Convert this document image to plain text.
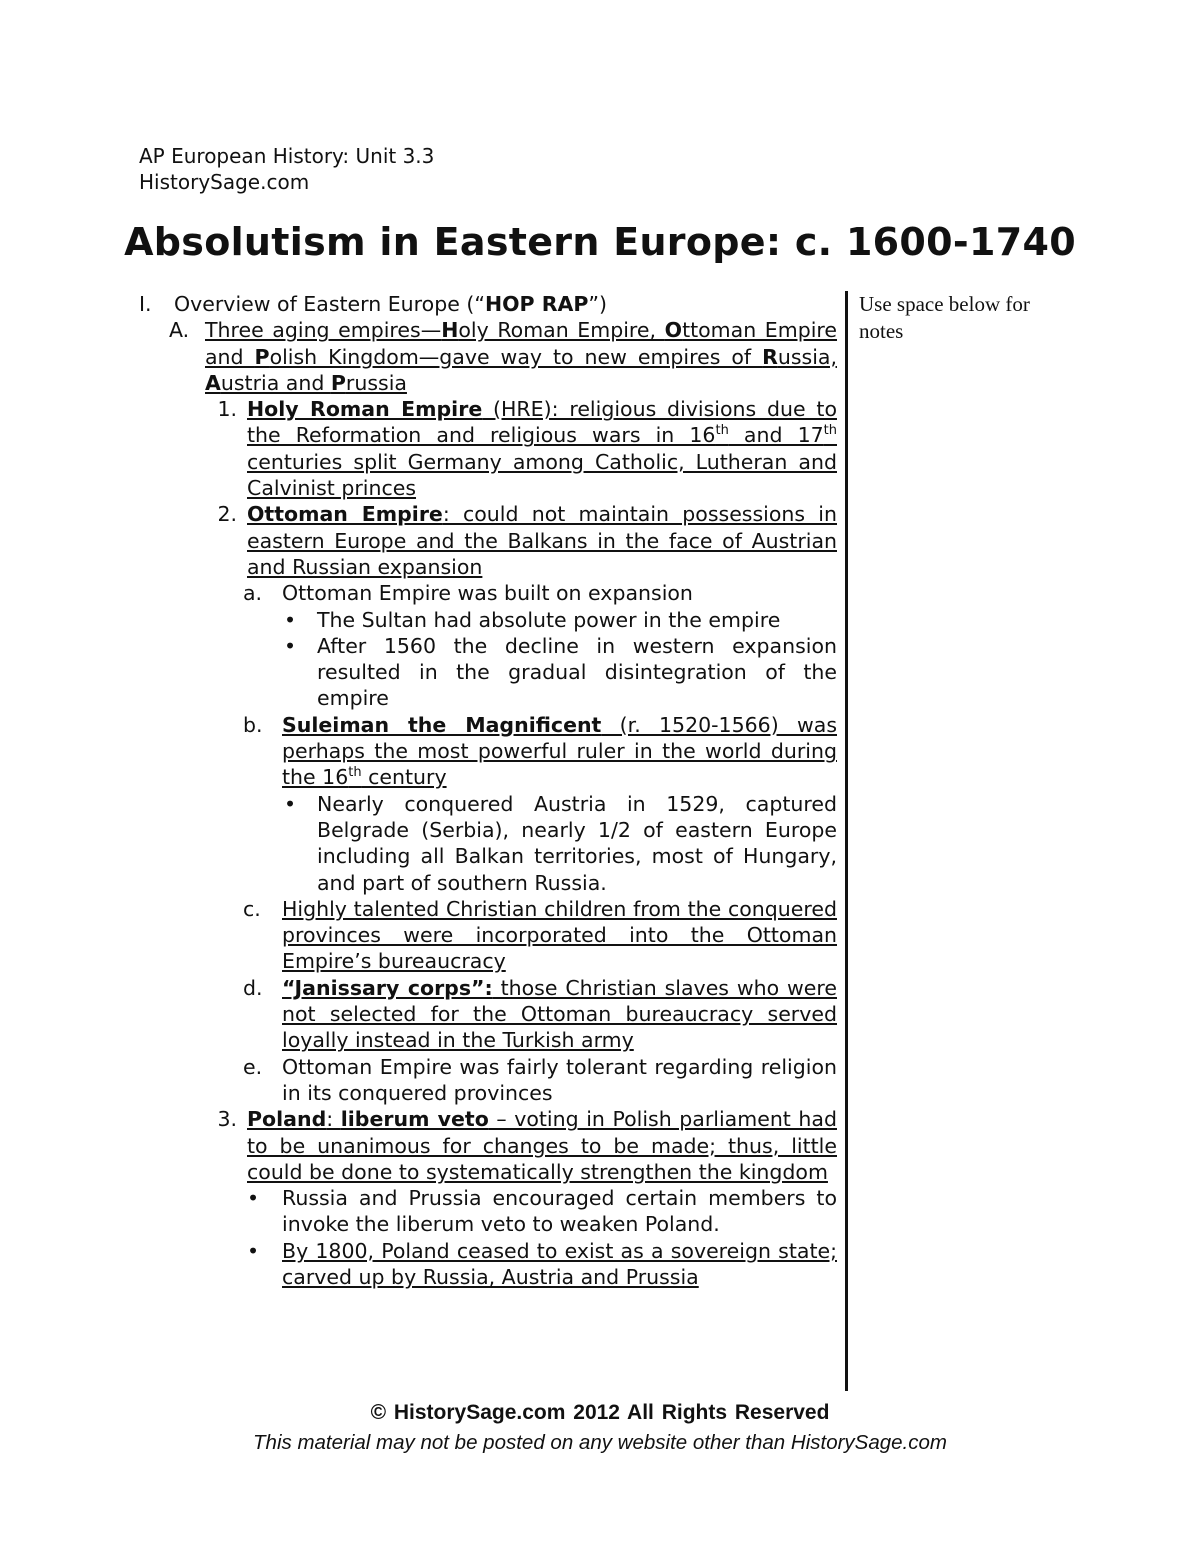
AP European History: Unit 3.3
HistorySage.com
Absolutism in Eastern Europe: c. 1600-1740
I.	Overview of Eastern Europe (“HOP RAP”)
A. Three aging empires—Holy Roman Empire, Ottoman Empire and Polish Kingdom—gave way to new empires of Russia, Austria and Prussia
1. Holy Roman Empire (HRE): religious divisions due to the Reformation and religious wars in 16th and 17th centuries split Germany among Catholic, Lutheran and Calvinist princes
2. Ottoman Empire: could not maintain possessions in eastern Europe and the Balkans in the face of Austrian and Russian expansion
a. Ottoman Empire was built on expansion
•	The Sultan had absolute power in the empire
•	After 1560 the decline in western expansion resulted in the gradual disintegration of the empire
b. Suleiman the Magnificent (r. 1520-1566) was perhaps the most powerful ruler in the world during the 16th century
•	Nearly conquered Austria in 1529, captured Belgrade (Serbia), nearly 1/2 of eastern Europe including all Balkan territories, most of Hungary, and part of southern Russia.
c.	Highly talented Christian children from the conquered provinces were incorporated into the Ottoman Empire’s bureaucracy
d. “Janissary corps”: those Christian slaves who were not selected for the Ottoman bureaucracy served loyally instead in the Turkish army
e. Ottoman Empire was fairly tolerant regarding religion in its conquered provinces
3. Poland: liberum veto – voting in Polish parliament had to be unanimous for changes to be made; thus, little could be done to systematically strengthen the kingdom
•	Russia and Prussia encouraged certain members to invoke the liberum veto to weaken Poland.
•	By 1800, Poland ceased to exist as a sovereign state; carved up by Russia, Austria and Prussia
Use space below for notes
© HistorySage.com 2012 All Rights Reserved
This material may not be posted on any website other than HistorySage.com
